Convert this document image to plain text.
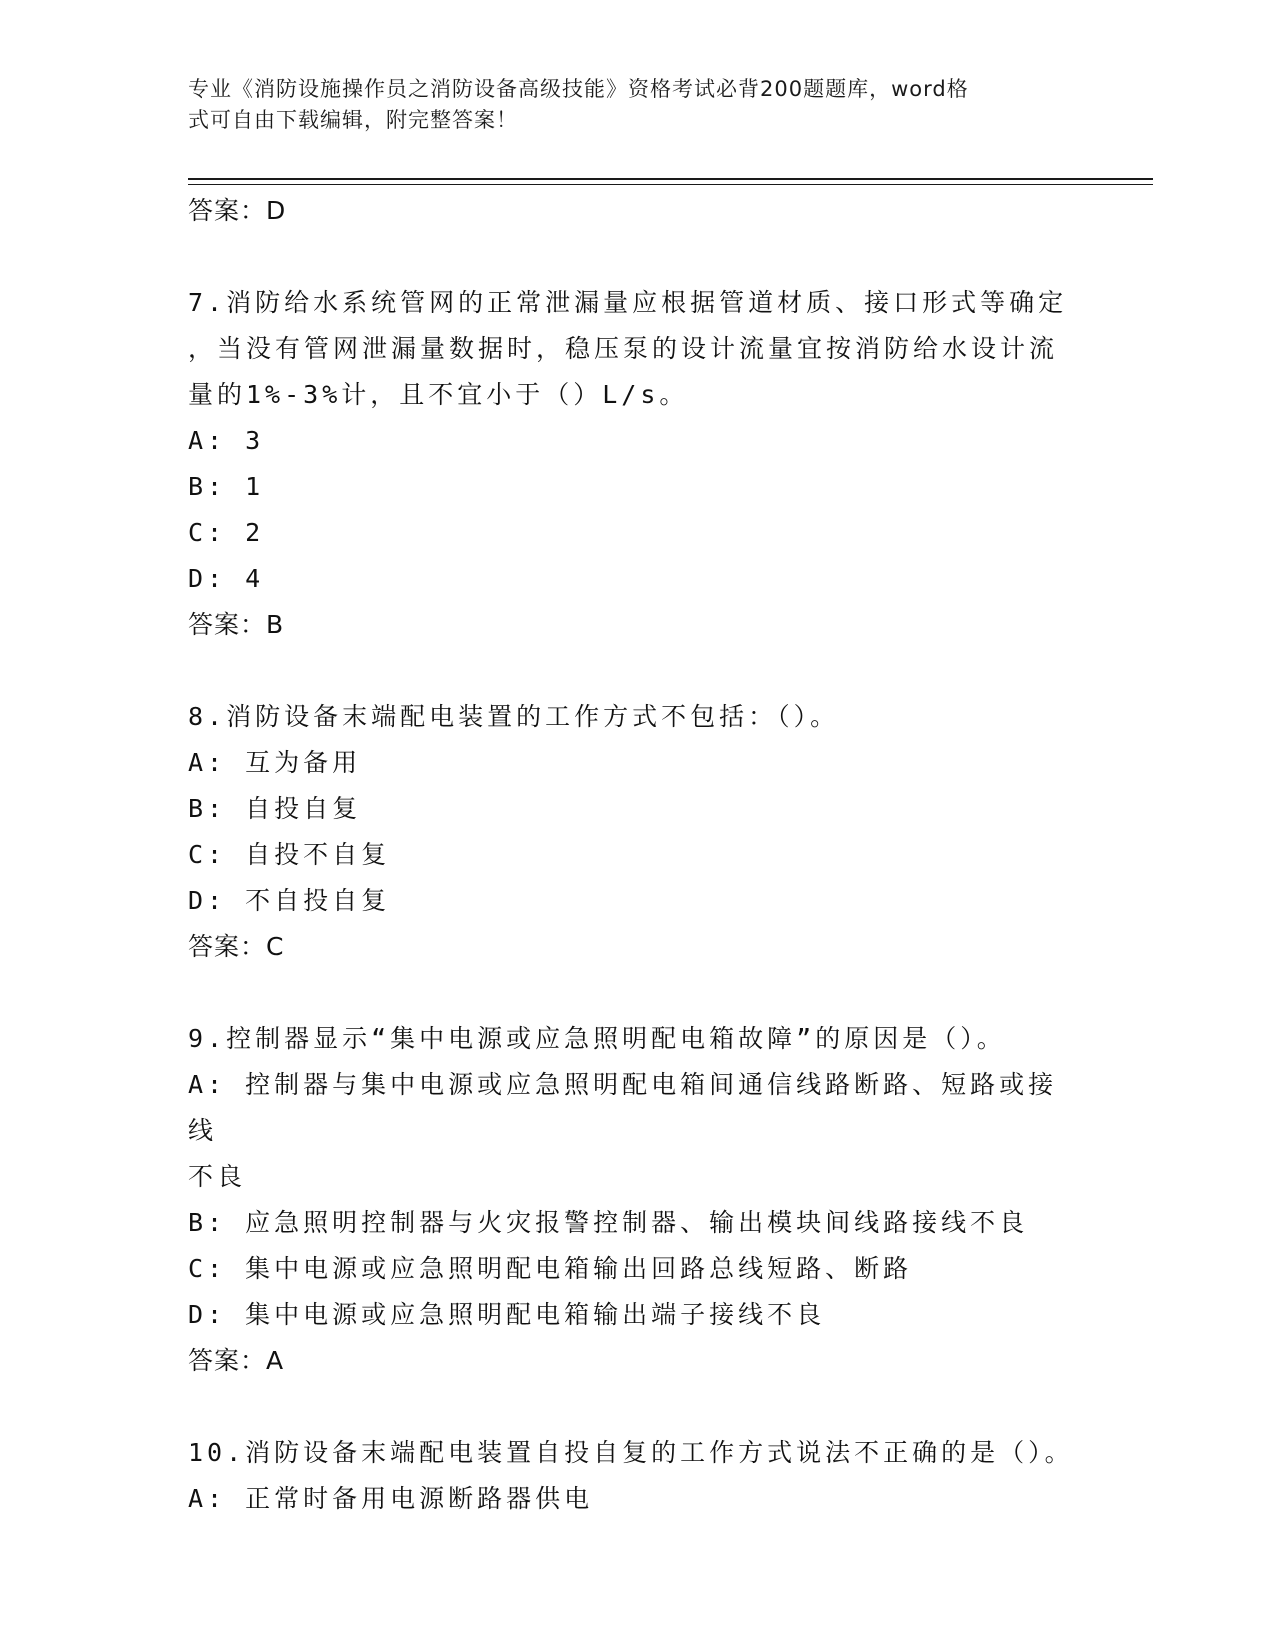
专业《消防设施操作员之消防设备高级技能》资格考试必背200题题库，word格
式可自由下载编辑，附完整答案！

答案：D

7.消防给水系统管网的正常泄漏量应根据管道材质、接口形式等确定

，当没有管网泄漏量数据时，稳压泵的设计流量宜按消防给水设计流

量的1%-3%计，且不宜小于（）L/s。

A: 3

B: 1

C: 2

D: 4

答案：B

8.消防设备末端配电装置的工作方式不包括：（）。

A: 互为备用

B: 自投自复

C: 自投不自复

D: 不自投自复

答案：C

9.控制器显示“集中电源或应急照明配电箱故障”的原因是（）。

A: 控制器与集中电源或应急照明配电箱间通信线路断路、短路或接线

不良

B: 应急照明控制器与火灾报警控制器、输出模块间线路接线不良

C: 集中电源或应急照明配电箱输出回路总线短路、断路

D: 集中电源或应急照明配电箱输出端子接线不良

答案：A

10.消防设备末端配电装置自投自复的工作方式说法不正确的是（）。

A: 正常时备用电源断路器供电
